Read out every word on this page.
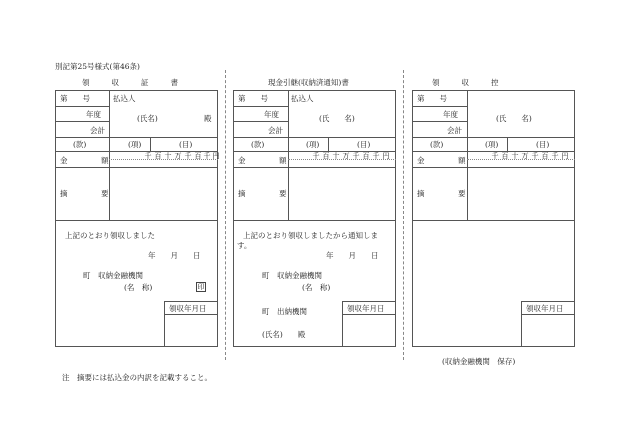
別記第25号様式(第46条)
注　摘要には払込金の内訳を記載すること。
領収証書	現金引継(収納済通知)書	領収控
第　　号	払込人
年度
会計
(氏名)	殿
(款)	(項)	(目)
金　額
摘　要
千 百 十 万 千 百 千 円
上記のとおり領収しました
年　　月　　日
町　収納金融機関
(名　称)	印
領収年月日
第　　号	払込人
年度
会計
(氏　　名)
(款)	(項)	(目)
金　額
摘　要
千 百 十 万 千 百 千 円
上記のとおり領収しましたから通知しま
す。
年　　月　　日
町　収納金融機関
(名　称)
町　出納機関
(氏名)　　殿
領収年月日
第　　号
年度
会計
(氏　　名)
(款)	(項)	(目)
金　額
摘　要
千 百 十 万 千 百 千 円
領収年月日
(収納金融機関　保存)
